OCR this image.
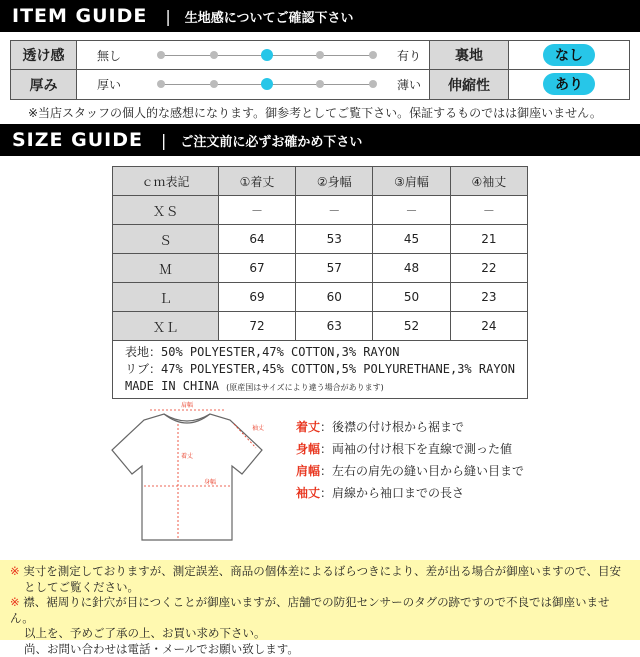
ITEM GUIDE | 生地感についてご確認下さい
透け感	無し	有り	裏地	なし
厚み	厚い	薄い	伸縮性	あり
※当店スタッフの個人的な感想になります。御参考としてご覧下さい。保証するものではは御座いません。
SIZE GUIDE | ご注文前に必ずお確かめ下さい
ｃｍ表記	①着丈	②身幅	③肩幅	④袖丈
ＸＳ	－	－	－	－
Ｓ	64	53	45	21
Ｍ	67	57	48	22
Ｌ	69	60	50	23
ＸＬ	72	63	52	24
表地：50% POLYESTER,47% COTTON,3% RAYON
リブ：47% POLYESTER,45% COTTON,5% POLYURETHANE,3% RAYON
MADE IN CHINA (原産国はサイズにより違う場合があります)
肩幅
袖丈
着丈
身幅
着丈：後襟の付け根から裾まで
身幅：両袖の付け根下を直線で測った値
肩幅：左右の肩先の縫い目から縫い目まで
袖丈：肩線から袖口までの長さ
※ 実寸を測定しておりますが、測定誤差、商品の個体差によるばらつきにより、差が出る場合が御座いますので、目安
としてご覧ください。
※ 襟、裾周りに針穴が目につくことが御座いますが、店舗での防犯センサーのタグの跡ですので不良では御座いません。
以上を、予めご了承の上、お買い求め下さい。
尚、お問い合わせは電話・メールでお願い致します。
